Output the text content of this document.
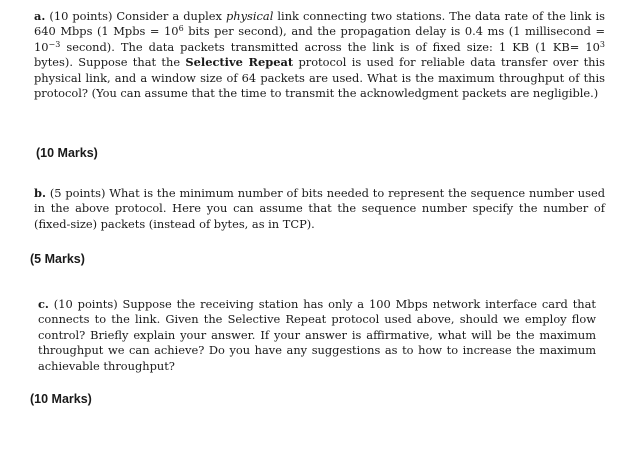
a. (10 points) Consider a duplex physical link connecting two stations. The data rate of the link is 640 Mbps (1 Mpbs = $10^6$ bits per second), and the propagation delay is 0.4 ms (1 millisecond = $10^{-3}$ second). The data packets transmitted across the link is of fixed size: 1 KB (1 $KB= 10^3$ bytes). Suppose that the Selective Repeat protocol is used for reliable data transfer over this physical link, and a window size of 64 packets are used. What is the maximum throughput of this protocol? (You can assume that the time to transmit the acknowledgment packets are negligible.)

(10 Marks)

b. (5 points) What is the minimum number of bits needed to represent the sequence number used in the above protocol. Here you can assume that the sequence number specify the number of (fixed-size) packets (instead of bytes, as in TCP).

(5 Marks)

c. (10 points) Suppose the receiving station has only a 100 Mbps network interface card that connects to the link. Given the Selective Repeat protocol used above, should we employ flow control? Briefly explain your answer. If your answer is affirmative, what will be the maximum throughput we can achieve? Do you have any suggestions as to how to increase the maximum achievable throughput?

(10 Marks)
